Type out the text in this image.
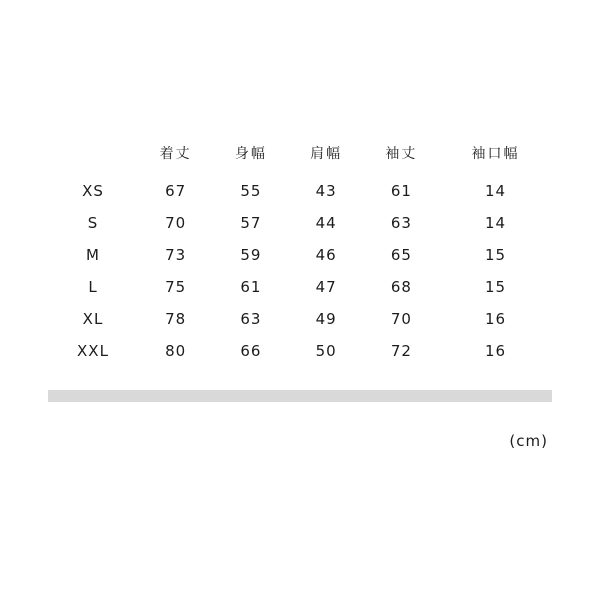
	着丈	身幅	肩幅	袖丈	袖口幅
XS	67	55	43	61	14
S	70	57	44	63	14
M	73	59	46	65	15
L	75	61	47	68	15
XL	78	63	49	70	16
XXL	80	66	50	72	16
(cm)
